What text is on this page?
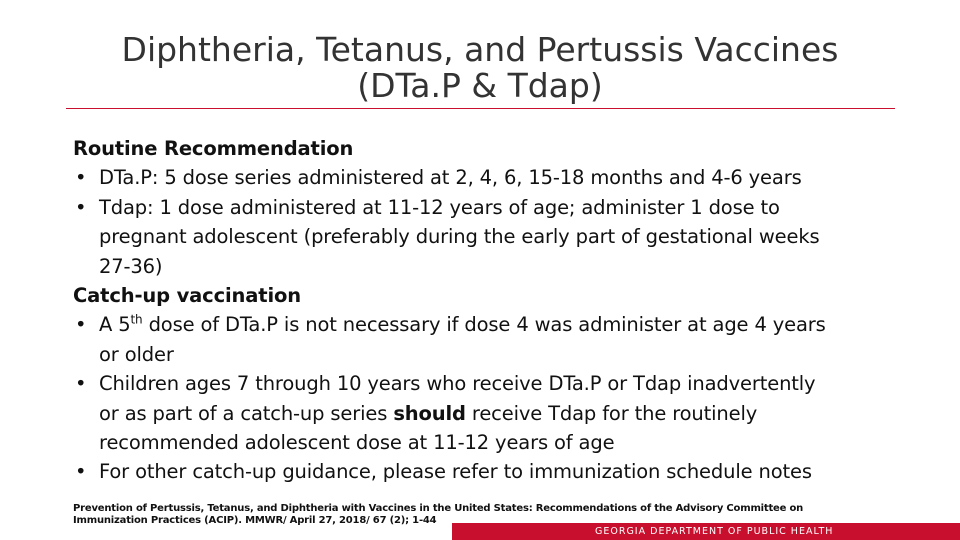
Diphtheria, Tetanus, and Pertussis Vaccines
(DTa.P & Tdap)
Routine Recommendation
• DTa.P: 5 dose series administered at 2, 4, 6, 15-18 months and 4-6 years
• Tdap: 1 dose administered at 11-12 years of age; administer 1 dose to
pregnant adolescent (preferably during the early part of gestational weeks
27-36)
Catch-up vaccination
• A 5th dose of DTa.P is not necessary if dose 4 was administer at age 4 years
or older
• Children ages 7 through 10 years who receive DTa.P or Tdap inadvertently
or as part of a catch-up series should receive Tdap for the routinely
recommended adolescent dose at 11-12 years of age
• For other catch-up guidance, please refer to immunization schedule notes
Prevention of Pertussis, Tetanus, and Diphtheria with Vaccines in the United States: Recommendations of the Advisory Committee on
Immunization Practices (ACIP). MMWR/ April 27, 2018/ 67 (2); 1-44
GEORGIA DEPARTMENT OF PUBLIC HEALTH
